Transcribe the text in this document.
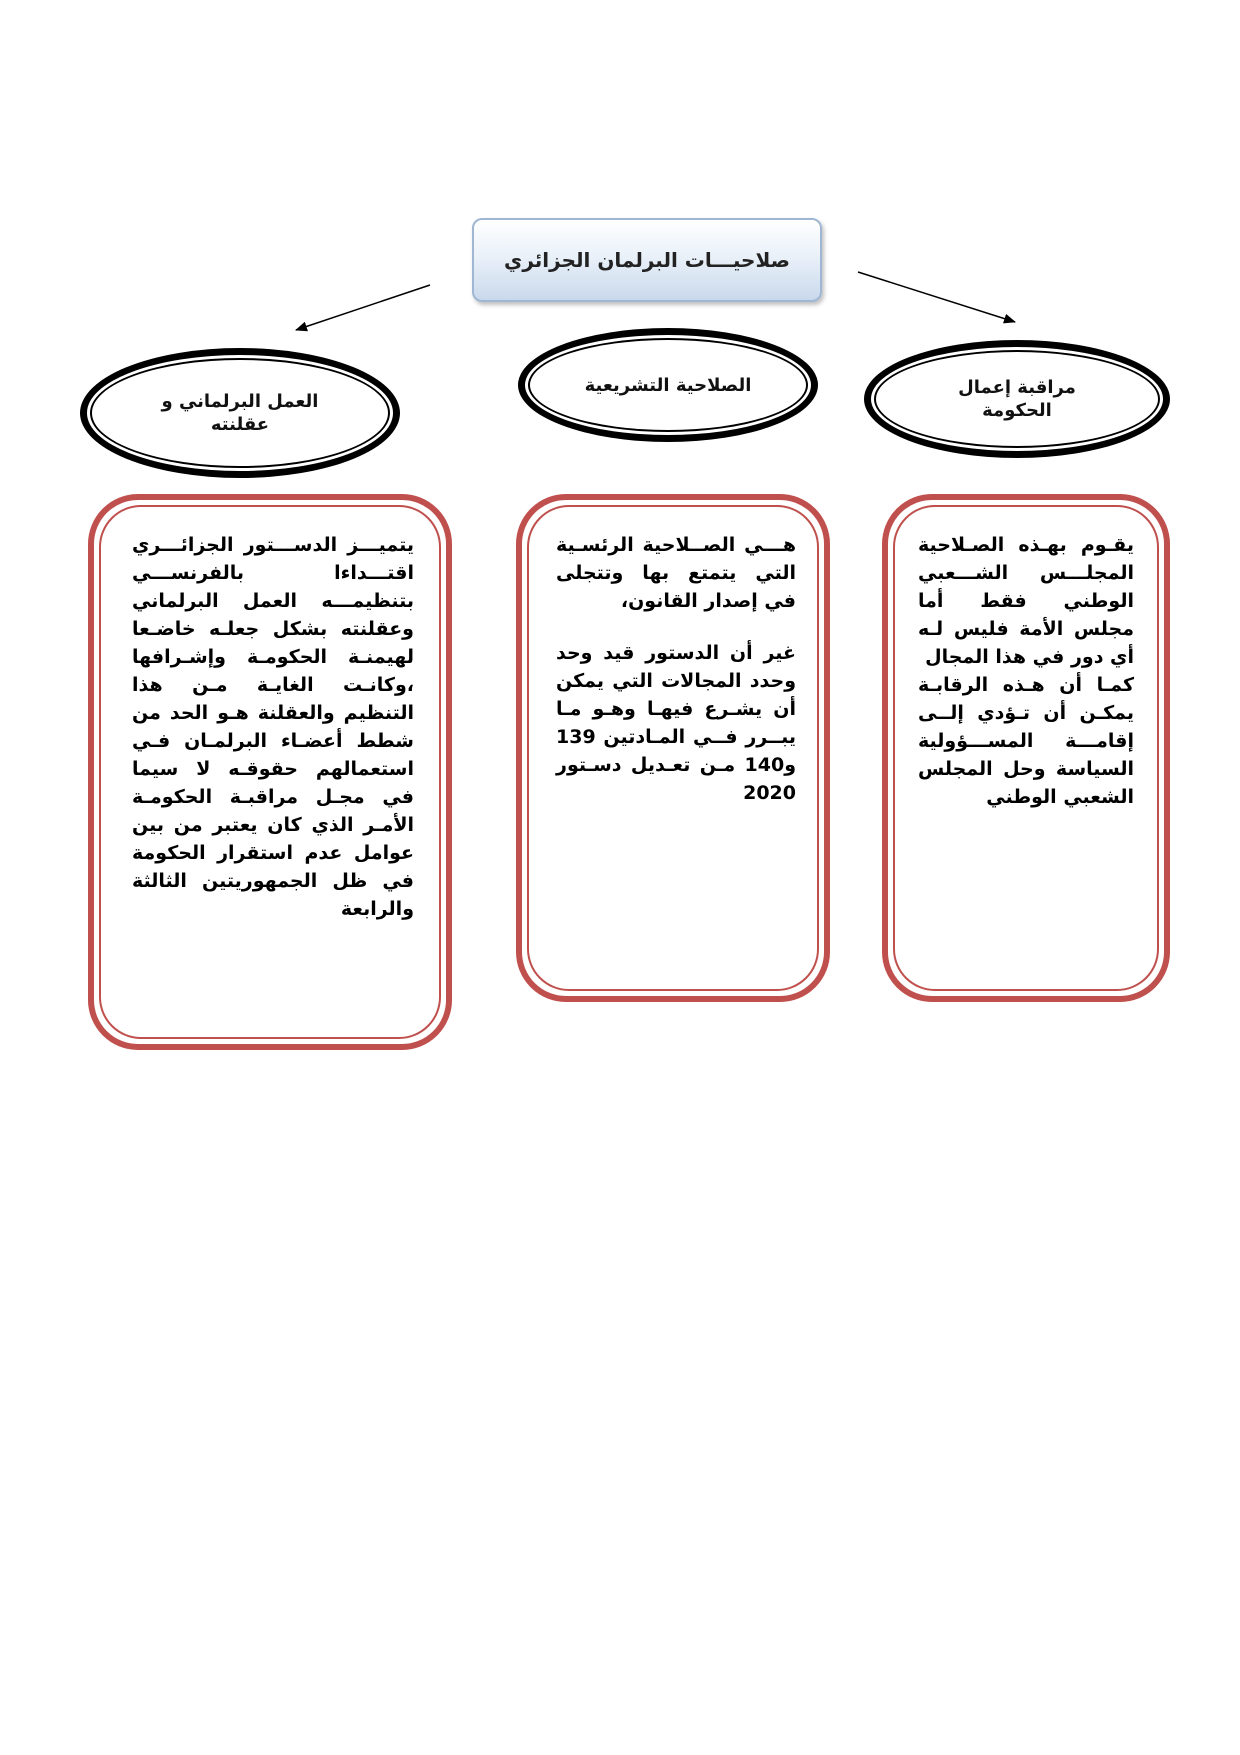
صلاحيـــات البرلمان الجزائري
مراقبة إعمال الحكومة
الصلاحية التشريعية
العمل البرلماني و عقلنته

يقـوم بهـذه الصـلاحية المجلـــس الشـــعبي الوطني فقط أما مجلس الأمة فليس لـه أي دور في هذا المجال

كمـا أن هـذه الرقابـة يمكـن أن تـؤدي إلــى إقامـــة المســـؤولية السياسة وحل المجلس الشعبي الوطني

هـــي الصــلاحية الرئسـية التي يتمتع بها وتتجلى في إصدار القانون،

غير أن الدستور قيد وحد وحدد المجالات التي يمكن أن يشـرع فيهـا وهـو مـا يبــرر فــي المـادتين 139 و140 مـن تعـديل دسـتور 2020

يتميـــز الدســـتور الجزائـــري اقتـــداءا بالفرنســـي بتنظيمـــه العمل البرلماني وعقلنته بشكل جعلـه خاضـعا لهيمنـة الحكومـة وإشـرافها ،وكانـت الغايـة مـن هذا التنظيم والعقلنة هـو الحد من شطط أعضـاء البرلمـان فـي استعمالهم حقوقـه لا سيما في مجـل مراقبـة الحكومـة الأمـر الذي كان يعتبر من بين عوامل عدم استقرار الحكومة في ظل الجمهوريتين الثالثة والرابعة
